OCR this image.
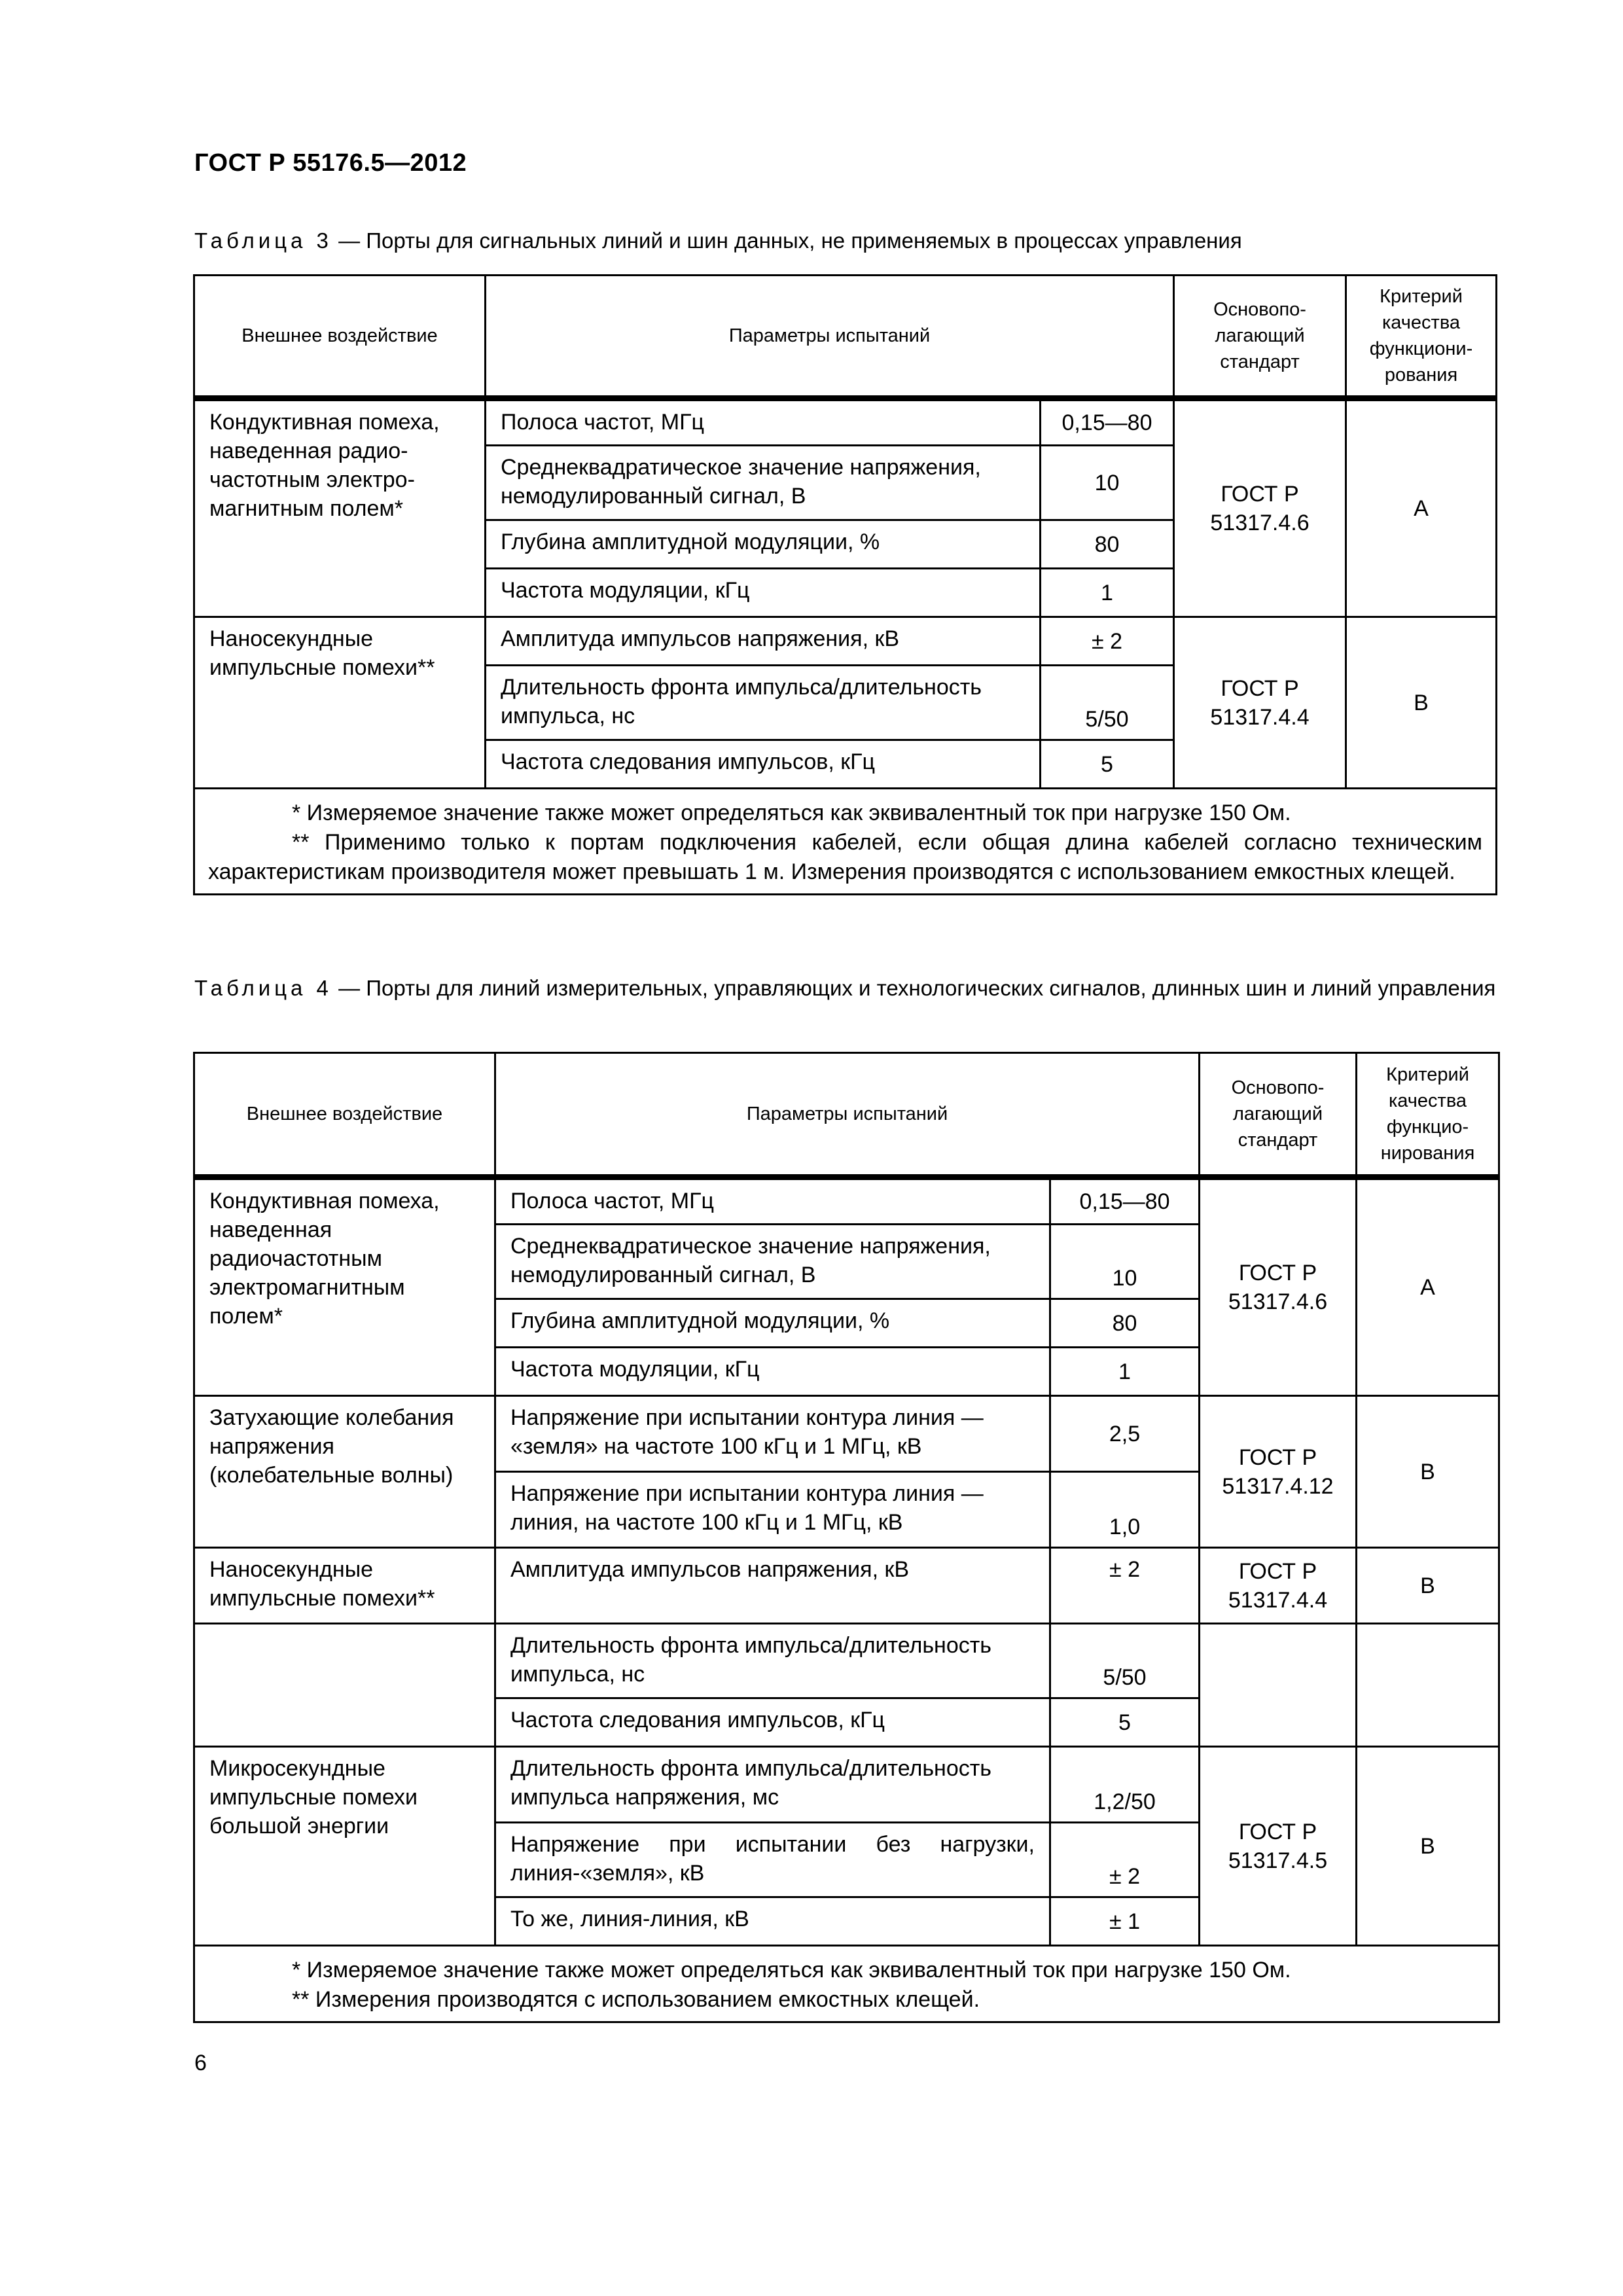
ГОСТ Р 55176.5—2012
Таблица 3 — Порты для сигнальных линий и шин данных, не применяемых в процессах управления
Внешнее воздействие	Параметры испытаний		Основопо-лагающий стандарт	Критерий качества функциони-рования
Кондуктивная помеха, наведенная радио-частотным электро-магнитным полем*	Полоса частот, МГц	0,15—80	ГОСТ Р 51317.4.6	А
	Среднеквадратическое значение напряжения, немодулированный сигнал, В	10		
	Глубина амплитудной модуляции, %	80		
	Частота модуляции, кГц	1		
Наносекундные импульсные помехи**	Амплитуда импульсов напряжения, кВ	± 2	ГОСТ Р 51317.4.4	В
	Длительность фронта импульса/длительность импульса, нс	5/50		
	Частота следования импульсов, кГц	5		

* Измеряемое значение также может определяться как эквивалентный ток при нагрузке 150 Ом.
** Применимо только к портам подключения кабелей, если общая длина кабелей согласно техническим характеристикам производителя может превышать 1 м. Измерения производятся с использованием емкостных клещей.				
Таблица 4 — Порты для линий измерительных, управляющих и технологических сигналов, длинных шин и линий управления
Внешнее воздействие	Параметры испытаний		Основопо-лагающий стандарт	Критерий качества функцио-нирования
Кондуктивная помеха, наведенная радиочастотным электромагнитным полем*	Полоса частот, МГц	0,15—80	ГОСТ Р 51317.4.6	А
	Среднеквадратическое значение напряжения, немодулированный сигнал, В	10		
	Глубина амплитудной модуляции, %	80		
	Частота модуляции, кГц	1		
Затухающие колебания напряжения (колебательные волны)	Напряжение при испытании контура линия — «земля» на частоте 100 кГц и 1 МГц, кВ	2,5	ГОСТ Р 51317.4.12	В
	Напряжение при испытании контура линия — линия, на частоте 100 кГц и 1 МГц, кВ	1,0		
Наносекундные импульсные помехи**	Амплитуда импульсов напряжения, кВ	± 2	ГОСТ Р 51317.4.4	В
	Длительность фронта импульса/длительность импульса, нс	5/50		
	Частота следования импульсов, кГц	5		
Микросекундные импульсные помехи большой энергии	Длительность фронта импульса/длительность импульса напряжения, мс	1,2/50	ГОСТ Р 51317.4.5	В
	Напряжение при испытании без нагрузки, линия-«земля», кВ	± 2		
	То же, линия-линия, кВ	± 1		

* Измеряемое значение также может определяться как эквивалентный ток при нагрузке 150 Ом.
** Измерения производятся с использованием емкостных клещей.				
6
